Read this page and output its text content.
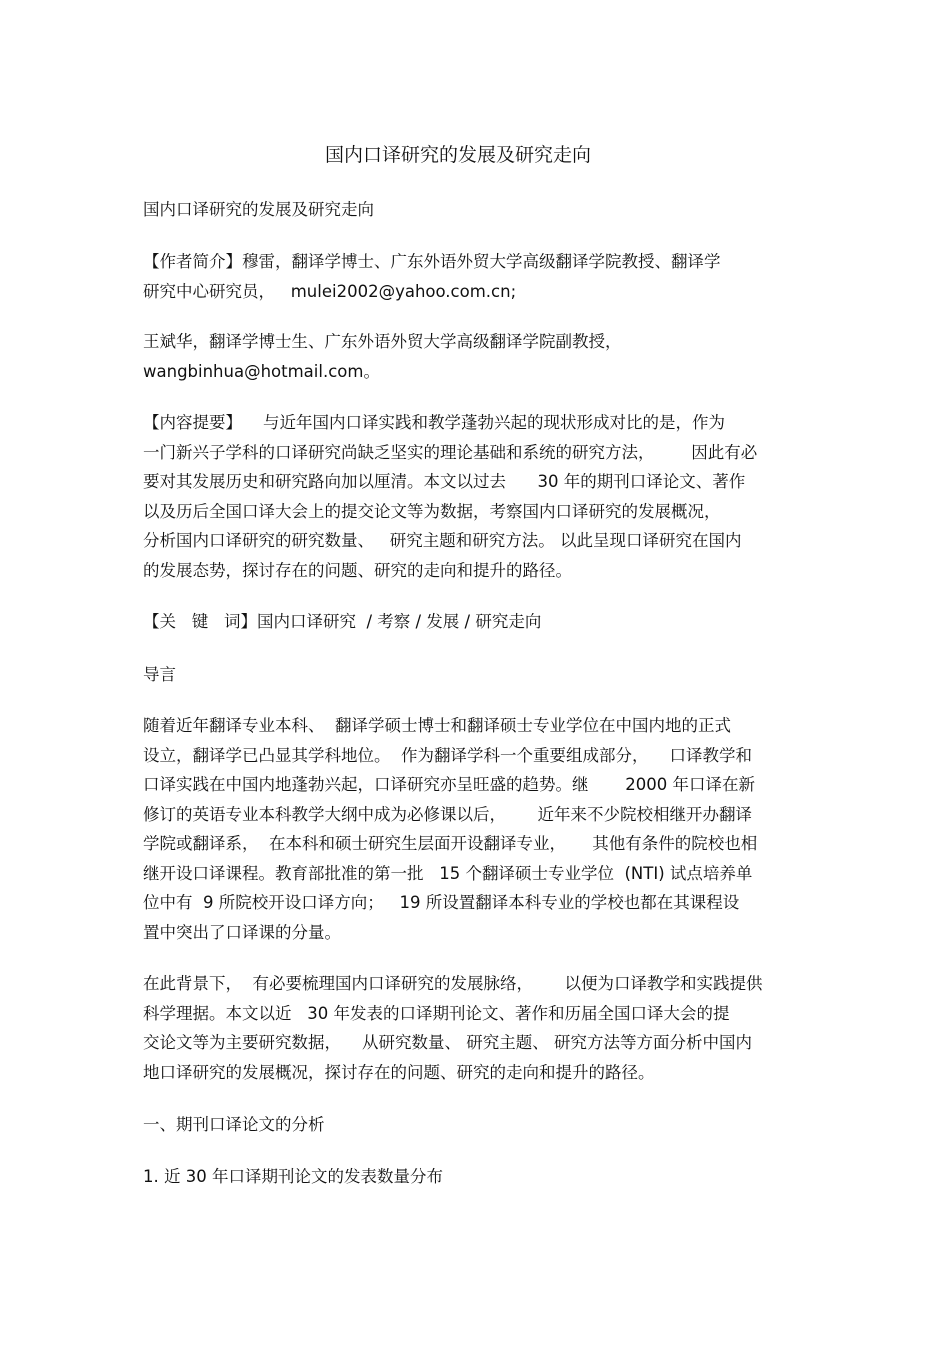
国内口译研究的发展及研究走向
国内口译研究的发展及研究走向
【作者简介】穆雷，翻译学博士、广东外语外贸大学高级翻译学院教授、翻译学
研究中心研究员，   mulei2002@yahoo.com.cn;
王斌华，翻译学博士生、广东外语外贸大学高级翻译学院副教授，
wangbinhua@hotmail.com。
【内容提要】    与近年国内口译实践和教学蓬勃兴起的现状形成对比的是，作为
一门新兴子学科的口译研究尚缺乏坚实的理论基础和系统的研究方法，       因此有必
要对其发展历史和研究路向加以厘清。本文以过去      30 年的期刊口译论文、著作
以及历后全国口译大会上的提交论文等为数据，考察国内口译研究的发展概况，
分析国内口译研究的研究数量、   研究主题和研究方法。 以此呈现口译研究在国内
的发展态势，探讨存在的问题、研究的走向和提升的路径。
【关   键   词】国内口译研究  / 考察 / 发展 / 研究走向
导言
随着近年翻译专业本科、  翻译学硕士博士和翻译硕士专业学位在中国内地的正式
设立，翻译学已凸显其学科地位。  作为翻译学科一个重要组成部分，    口译教学和
口译实践在中国内地蓬勃兴起，口译研究亦呈旺盛的趋势。继       2000 年口译在新
修订的英语专业本科教学大纲中成为必修课以后，      近年来不少院校相继开办翻译
学院或翻译系，  在本科和硕士研究生层面开设翻译专业，     其他有条件的院校也相
继开设口译课程。教育部批准的第一批   15 个翻译硕士专业学位  (NTI) 试点培养单
位中有  9 所院校开设口译方向；   19 所设置翻译本科专业的学校也都在其课程设
置中突出了口译课的分量。
在此背景下，  有必要梳理国内口译研究的发展脉络，      以便为口译教学和实践提供
科学理据。本文以近   30 年发表的口译期刊论文、著作和历届全国口译大会的提
交论文等为主要研究数据，    从研究数量、 研究主题、 研究方法等方面分析中国内
地口译研究的发展概况，探讨存在的问题、研究的走向和提升的路径。
一、期刊口译论文的分析
1. 近 30 年口译期刊论文的发表数量分布
